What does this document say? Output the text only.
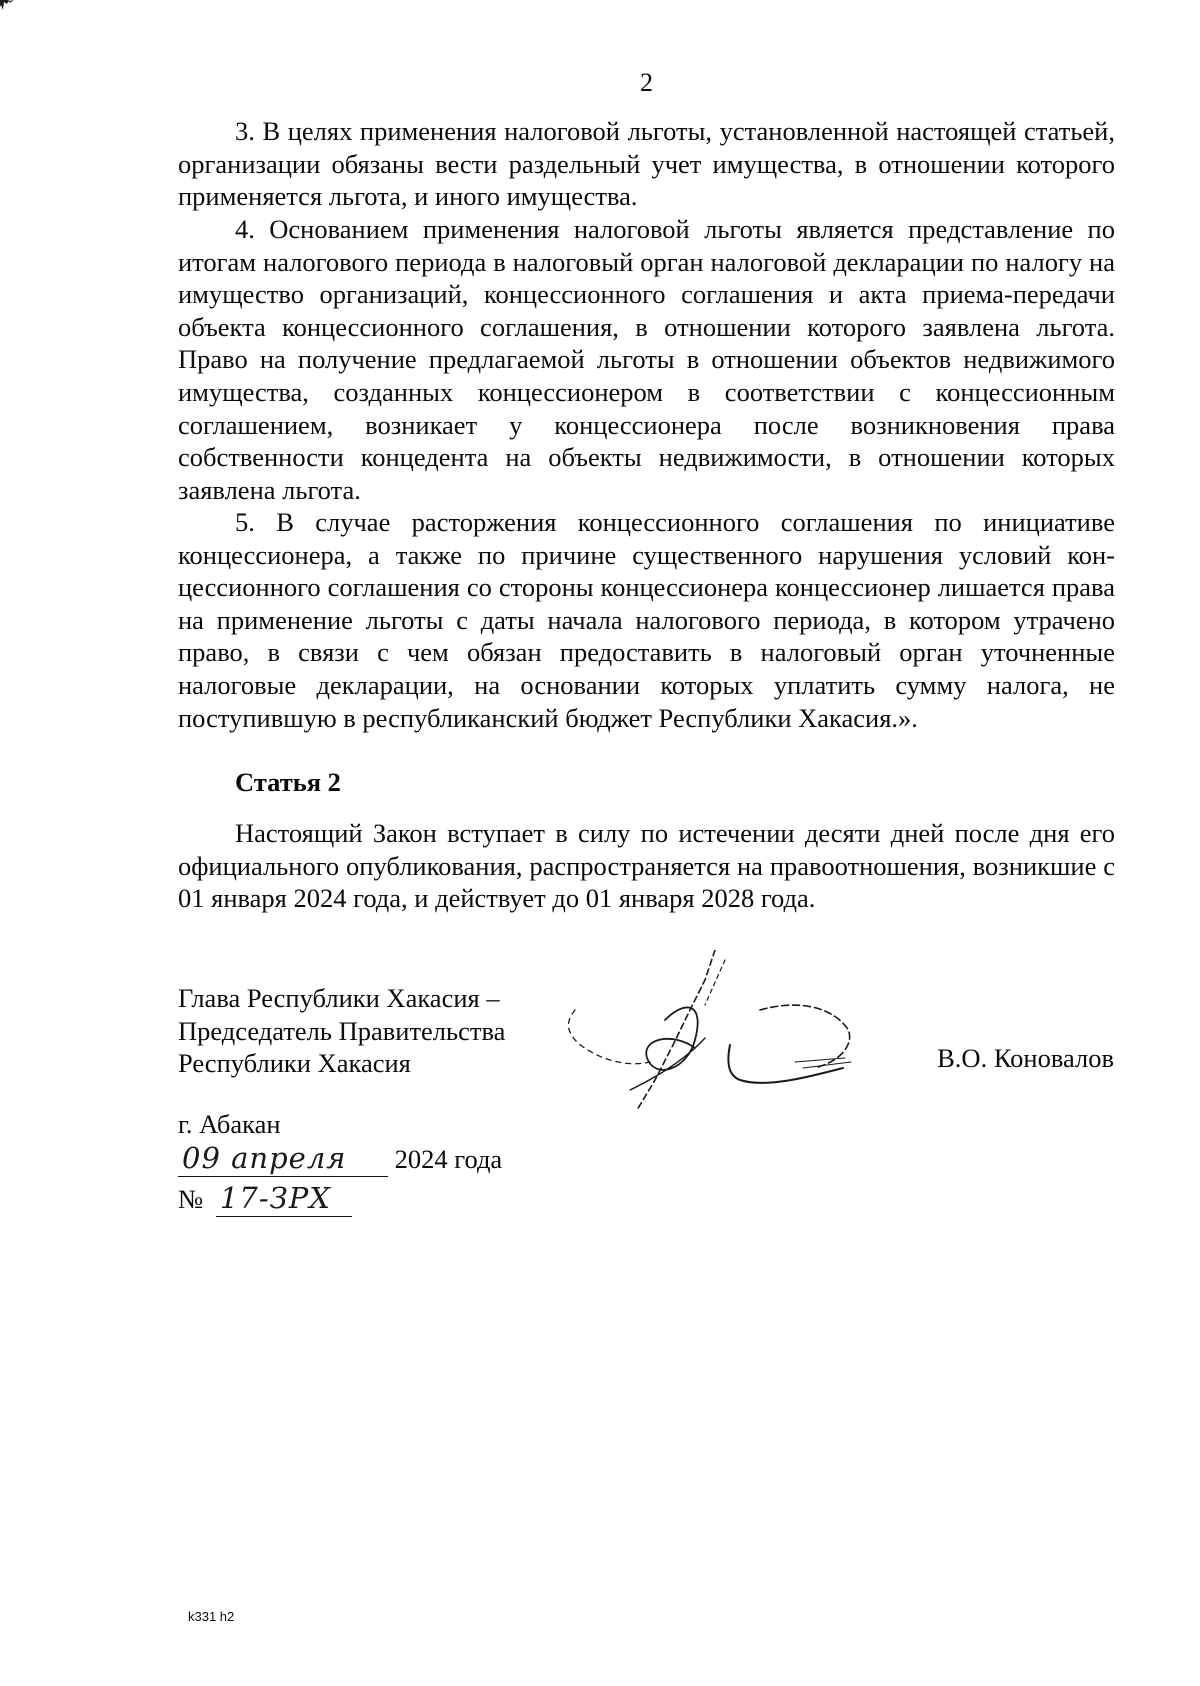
2

3. В целях применения налоговой льготы, установленной настоящей статьей, организации обязаны вести раздельный учет имущества, в отношении которого применяется льгота, и иного имущества.

4. Основанием применения налоговой льготы является представление по итогам налогового периода в налоговый орган налоговой декларации по налогу на имущество организаций, концессионного соглашения и акта приема-передачи объекта концессионного соглашения, в отношении которого заявлена льгота. Право на получение предлагаемой льготы в отношении объектов недвижимого имущества, созданных концессионером в соответствии с концессионным соглашением, возникает у концессионера после возникновения права собственности концедента на объекты недвижимости, в отношении которых заявлена льгота.

5. В случае расторжения концессионного соглашения по инициативе концессионера, а также по причине существенного нарушения условий концессионного соглашения со стороны концессионера концессионер лишается права на применение льготы с даты начала налогового периода, в котором утрачено право, в связи с чем обязан предоставить в налоговый орган уточненные налоговые декларации, на основании которых уплатить сумму налога, не поступившую в республиканский бюджет Республики Хакасия.».

Статья 2

Настоящий Закон вступает в силу по истечении десяти дней после дня его официального опубликования, распространяется на правоотношения, возникшие с 01 января 2024 года, и действует до 01 января 2028 года.

Глава Республики Хакасия –
Председатель Правительства
Республики Хакасия	В.О. Коновалов
г. Абакан
09 апреля 2024 года
№ 17-ЗРХ
k331 h2
